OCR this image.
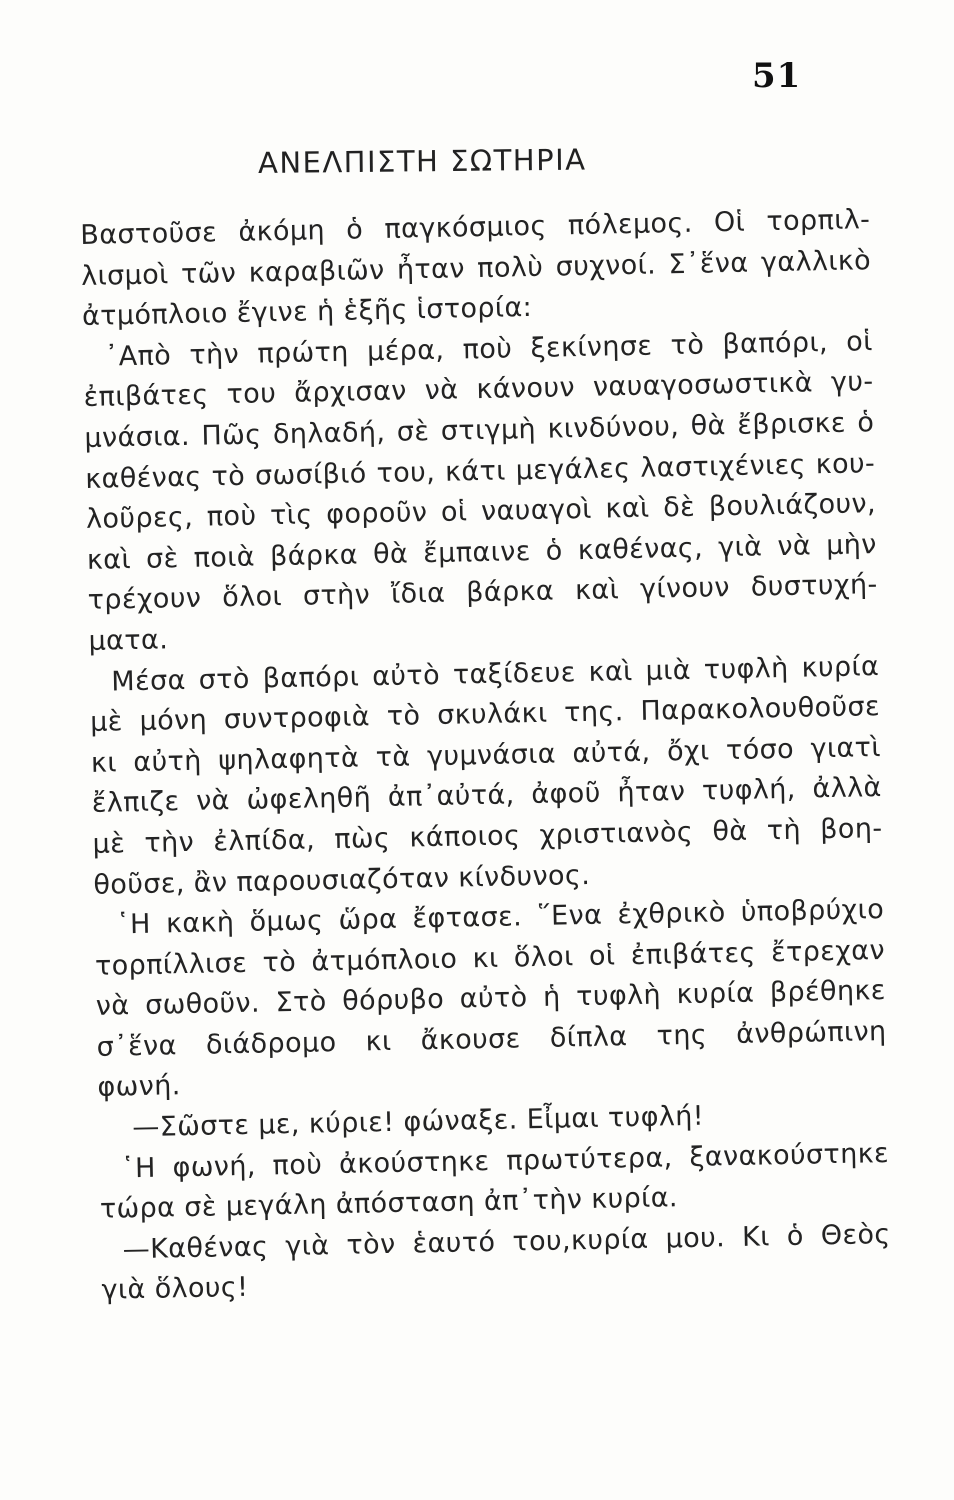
51
ΑΝΕΛΠΙΣΤΗ ΣΩΤΗΡΙΑ
Βαστοῦσε ἀκόμη ὁ παγκόσμιος πόλεμος. Οἱ τορπιλ-
λισμοὶ τῶν καραβιῶν ἦταν πολὺ συχνοί. Σ᾽ἕνα γαλλικὸ
ἀτμόπλοιο ἔγινε ἡ ἑξῆς ἱστορία:
᾿Απὸ τὴν πρώτη μέρα, ποὺ ξεκίνησε τὸ βαπόρι, οἱ
ἐπιβάτες του ἄρχισαν νὰ κάνουν ναυαγοσωστικὰ γυ-
μνάσια. Πῶς δηλαδή, σὲ στιγμὴ κινδύνου, θὰ ἔβρισκε ὁ
καθένας τὸ σωσίβιό του, κάτι μεγάλες λαστιχένιες κου-
λοῦρες, ποὺ τὶς φοροῦν οἱ ναυαγοὶ καὶ δὲ βουλιάζουν,
καὶ σὲ ποιὰ βάρκα θὰ ἔμπαινε ὁ καθένας, γιὰ νὰ μὴν
τρέχουν ὅλοι στὴν ἴδια βάρκα καὶ γίνουν δυστυχή-
ματα.
Μέσα στὸ βαπόρι αὐτὸ ταξίδευε καὶ μιὰ τυφλὴ κυρία
μὲ μόνη συντροφιὰ τὸ σκυλάκι της. Παρακολουθοῦσε
κι αὐτὴ ψηλαφητὰ τὰ γυμνάσια αὐτά, ὄχι τόσο γιατὶ
ἔλπιζε νὰ ὠφεληθῆ ἀπ᾽αὐτά, ἀφοῦ ἦταν τυφλή, ἀλλὰ
μὲ τὴν ἐλπίδα, πὼς κάποιος χριστιανὸς θὰ τὴ βοη-
θοῦσε, ἂν παρουσιαζόταν κίνδυνος.
῾Η κακὴ ὅμως ὥρα ἔφτασε. ῞Ενα ἐχθρικὸ ὑποβρύχιο
τορπίλλισε τὸ ἀτμόπλοιο κι ὅλοι οἱ ἐπιβάτες ἔτρεχαν
νὰ σωθοῦν. Στὸ θόρυβο αὐτὸ ἡ τυφλὴ κυρία βρέθηκε
σ᾽ἕνα διάδρομο κι ἄκουσε δίπλα της ἀνθρώπινη
φωνή.
—Σῶστε με, κύριε! φώναξε. Εἶμαι τυφλή!
῾Η φωνή, ποὺ ἀκούστηκε πρωτύτερα, ξανακούστηκε
τώρα σὲ μεγάλη ἀπόσταση ἀπ᾽τὴν κυρία.
—Καθένας γιὰ τὸν ἑαυτό του,κυρία μου. Κι ὁ Θεὸς
γιὰ ὅλους!
